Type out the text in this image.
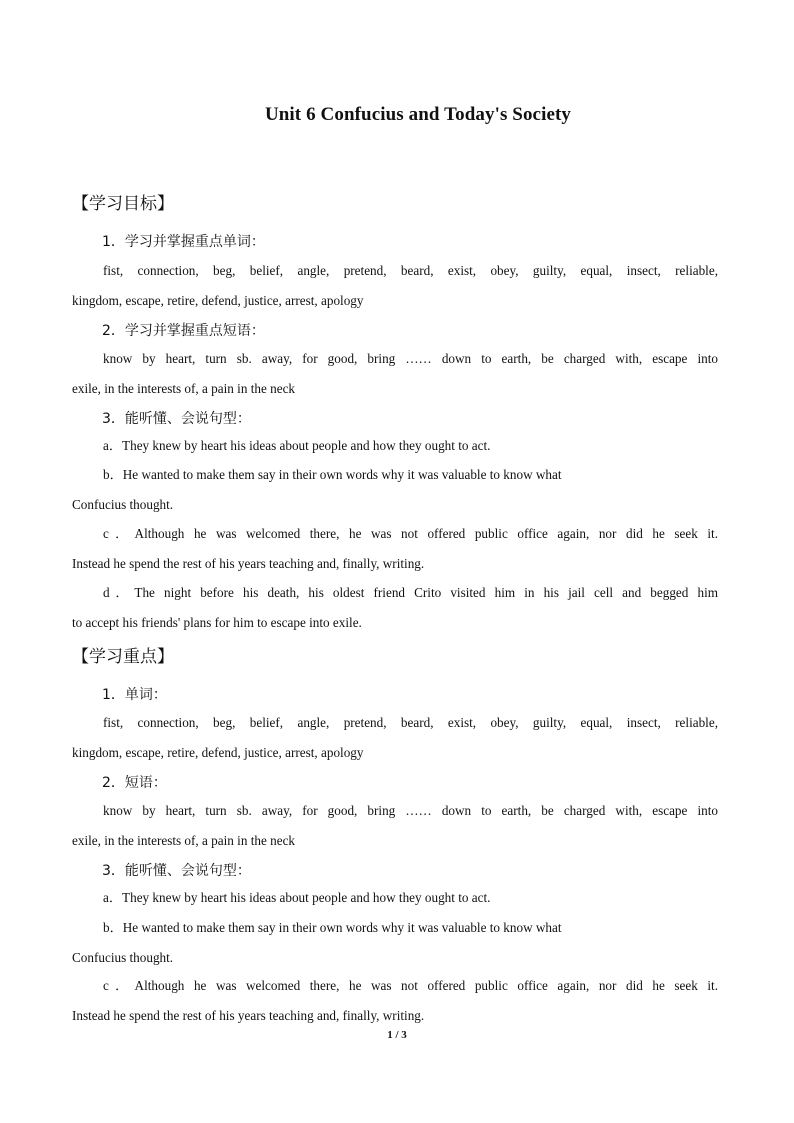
Unit 6 Confucius and Today's Society
【学习目标】
1．学习并掌握重点单词：
fist, connection, beg, belief, angle, pretend, beard, exist, obey, guilty, equal, insect, reliable,
kingdom, escape, retire, defend, justice, arrest, apology
2．学习并掌握重点短语：
know by heart, turn sb. away, for good, bring …… down to earth, be charged with, escape into
exile, in the interests of, a pain in the neck
3．能听懂、会说句型：
a．They knew by heart his ideas about people and how they ought to act.
b．He wanted to make them say in their own words why it was valuable to know what
Confucius thought.
c．Although he was welcomed there, he was not offered public office again, nor did he seek it.
Instead he spend the rest of his years teaching and, finally, writing.
d．The night before his death, his oldest friend Crito visited him in his jail cell and begged him
to accept his friends' plans for him to escape into exile.
【学习重点】
1．单词：
fist, connection, beg, belief, angle, pretend, beard, exist, obey, guilty, equal, insect, reliable,
kingdom, escape, retire, defend, justice, arrest, apology
2．短语：
know by heart, turn sb. away, for good, bring …… down to earth, be charged with, escape into
exile, in the interests of, a pain in the neck
3．能听懂、会说句型：
a．They knew by heart his ideas about people and how they ought to act.
b．He wanted to make them say in their own words why it was valuable to know what
Confucius thought.
c．Although he was welcomed there, he was not offered public office again, nor did he seek it.
Instead he spend the rest of his years teaching and, finally, writing.
1 / 3
